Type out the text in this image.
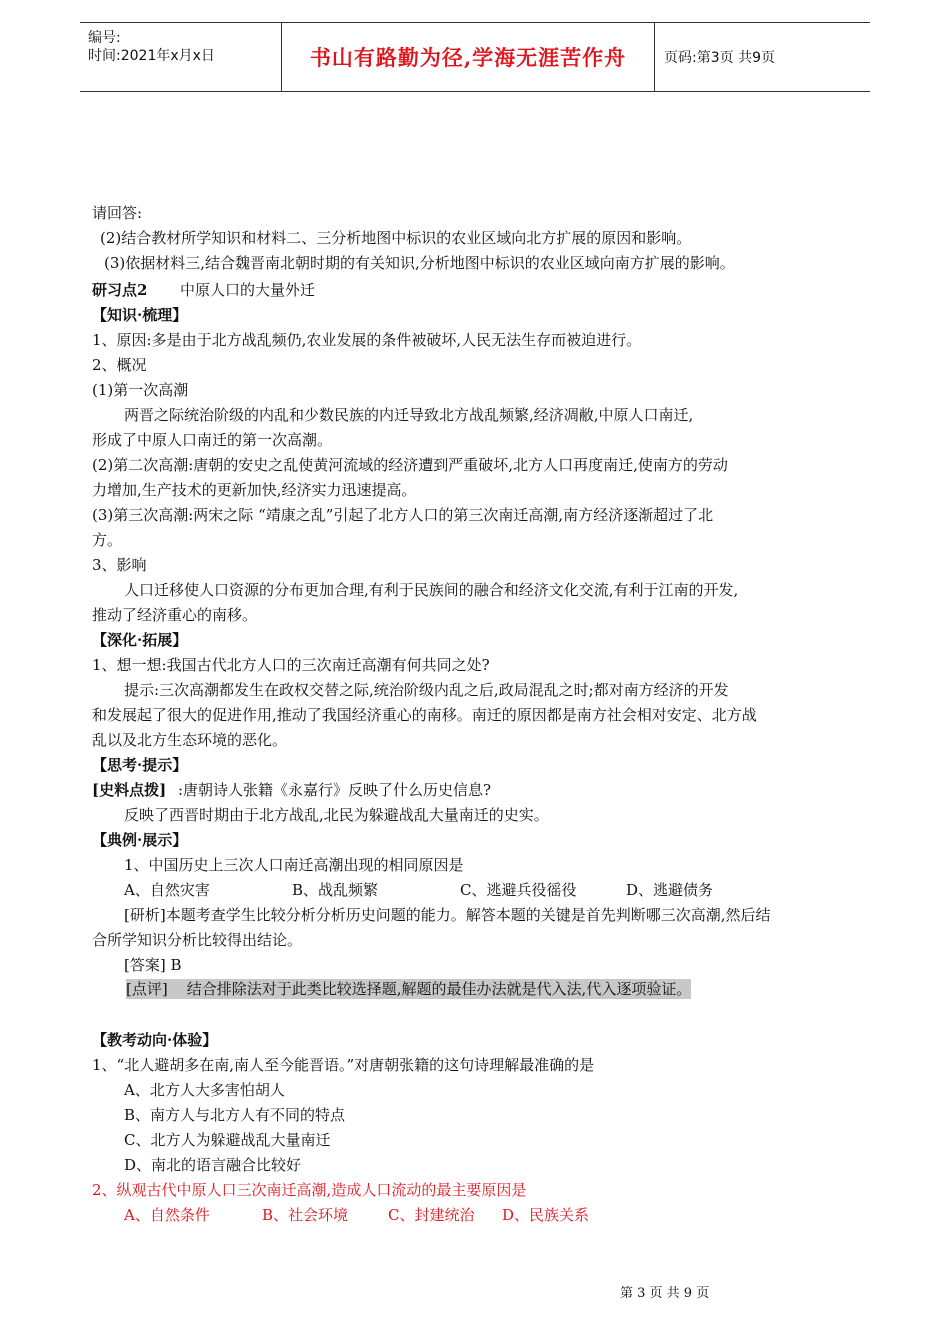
编号:
时间:2021年x月x日	书山有路勤为径,学海无涯苦作舟	页码:第3页 共9页
请回答:
(2)结合教材所学知识和材料二、三分析地图中标识的农业区域向北方扩展的原因和影响。
(3)依据材料三,结合魏晋南北朝时期的有关知识,分析地图中标识的农业区域向南方扩展的影响。
研习点2 中原人口的大量外迁
【知识·梳理】
1、原因:多是由于北方战乱频仍,农业发展的条件被破坏,人民无法生存而被迫进行。
2、概况
(1)第一次高潮
两晋之际统治阶级的内乱和少数民族的内迁导致北方战乱频繁,经济凋敝,中原人口南迁,
形成了中原人口南迁的第一次高潮。
(2)第二次高潮:唐朝的安史之乱使黄河流域的经济遭到严重破坏,北方人口再度南迁,使南方的劳动
力增加,生产技术的更新加快,经济实力迅速提高。
(3)第三次高潮:两宋之际 “靖康之乱”引起了北方人口的第三次南迁高潮,南方经济逐渐超过了北
方。
3、影响
人口迁移使人口资源的分布更加合理,有利于民族间的融合和经济文化交流,有利于江南的开发,
推动了经济重心的南移。
【深化·拓展】
1、想一想:我国古代北方人口的三次南迁高潮有何共同之处?
提示:三次高潮都发生在政权交替之际,统治阶级内乱之后,政局混乱之时;都对南方经济的开发
和发展起了很大的促进作用,推动了我国经济重心的南移。南迁的原因都是南方社会相对安定、北方战
乱以及北方生态环境的恶化。
【思考·提示】
[史料点拨] :唐朝诗人张籍《永嘉行》反映了什么历史信息?
反映了西晋时期由于北方战乱,北民为躲避战乱大量南迁的史实。
【典例·展示】
1、中国历史上三次人口南迁高潮出现的相同原因是
A、自然灾害	B、战乱频繁	C、逃避兵役徭役	D、逃避债务
[研析]本题考查学生比较分析分析历史问题的能力。解答本题的关键是首先判断哪三次高潮,然后结
合所学知识分析比较得出结论。
[答案] B
[点评]    结合排除法对于此类比较选择题,解题的最佳办法就是代入法,代入逐项验证。
【教考动向·体验】
1、“北人避胡多在南,南人至今能晋语。”对唐朝张籍的这句诗理解最准确的是
A、北方人大多害怕胡人
B、南方人与北方人有不同的特点
C、北方人为躲避战乱大量南迁
D、南北的语言融合比较好
2、纵观古代中原人口三次南迁高潮,造成人口流动的最主要原因是
A、自然条件	B、社会环境	C、封建统治 D、民族关系
第 3 页 共 9 页
